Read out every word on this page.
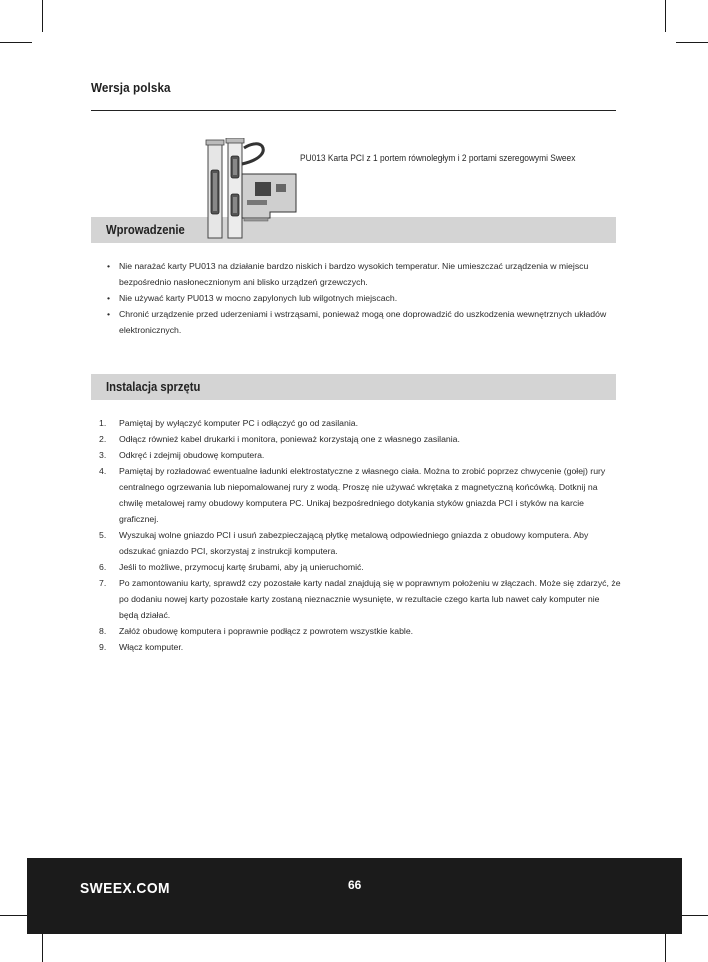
Wersja polska
Wprowadzenie
PU013 Karta PCI z 1 portem równoległym i 2 portami szeregowymi Sweex
• Nie narażać karty PU013 na działanie bardzo niskich i bardzo wysokich temperatur. Nie umieszczać urządzenia w miejscu bezpośrednio nasłonecznionym ani blisko urządzeń grzewczych.
• Nie używać karty PU013 w mocno zapylonych lub wilgotnych miejscach.
• Chronić urządzenie przed uderzeniami i wstrząsami, ponieważ mogą one doprowadzić do uszkodzenia wewnętrznych układów elektronicznych.
Instalacja sprzętu
1. Pamiętaj by wyłączyć komputer PC i odłączyć go od zasilania.
2. Odłącz również kabel drukarki i monitora, ponieważ korzystają one z własnego zasilania.
3. Odkręć i zdejmij obudowę komputera.
4. Pamiętaj by rozładować ewentualne ładunki elektrostatyczne z własnego ciała. Można to zrobić poprzez chwycenie (gołej) rury centralnego ogrzewania lub niepomalowanej rury z wodą. Proszę nie używać wkrętaka z magnetyczną końcówką. Dotknij na chwilę metalowej ramy obudowy komputera PC. Unikaj bezpośredniego dotykania styków gniazda PCI i styków na karcie graficznej.
5. Wyszukaj wolne gniazdo PCI i usuń zabezpieczającą płytkę metalową odpowiedniego gniazda z obudowy komputera. Aby odszukać gniazdo PCI, skorzystaj z instrukcji komputera.
6. Jeśli to możliwe, przymocuj kartę śrubami, aby ją unieruchomić.
7. Po zamontowaniu karty, sprawdź czy pozostałe karty nadal znajdują się w poprawnym położeniu w złączach. Może się zdarzyć, że po dodaniu nowej karty pozostałe karty zostaną nieznacznie wysunięte, w rezultacie czego karta lub nawet cały komputer nie będą działać.
8. Załóż obudowę komputera i poprawnie podłącz z powrotem wszystkie kable.
9. Włącz komputer.
SWEEX.COM	66
